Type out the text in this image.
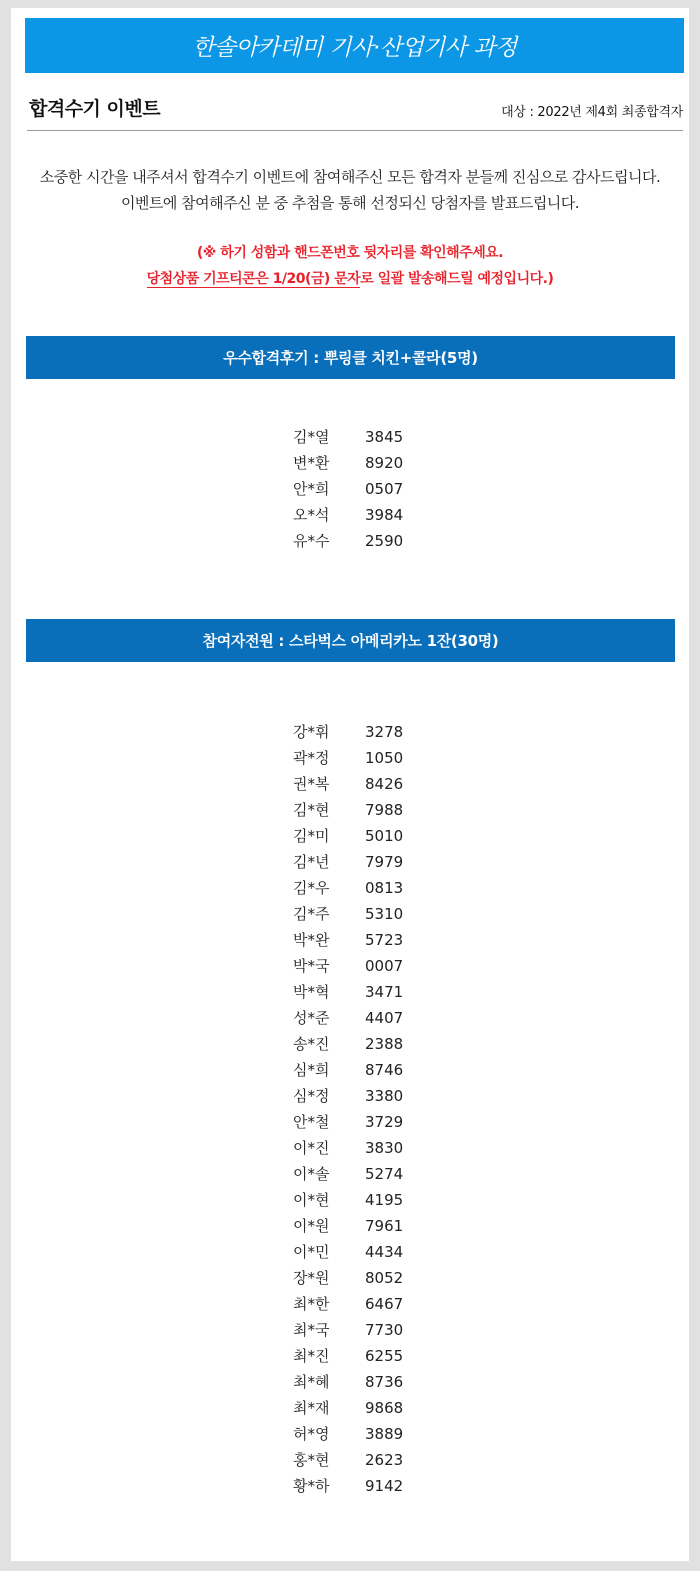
한솔아카데미 기사·산업기사 과정
합격수기 이벤트	대상 : 2022년 제4회 최종합격자
소중한 시간을 내주셔서 합격수기 이벤트에 참여해주신 모든 합격자 분들께 진심으로 감사드립니다.
이벤트에 참여해주신 분 중 추첨을 통해 선정되신 당첨자를 발표드립니다.
(※ 하기 성함과 핸드폰번호 뒷자리를 확인해주세요.
당첨상품 기프티콘은 1/20(금) 문자로 일괄 발송해드릴 예정입니다.)
우수합격후기 : 뿌링클 치킨+콜라(5명)
김*열	3845
변*환	8920
안*희	0507
오*석	3984
유*수	2590
참여자전원 : 스타벅스 아메리카노 1잔(30명)
강*휘	3278
곽*정	1050
권*복	8426
김*현	7988
김*미	5010
김*년	7979
김*우	0813
김*주	5310
박*완	5723
박*국	0007
박*혁	3471
성*준	4407
송*진	2388
심*희	8746
심*정	3380
안*철	3729
이*진	3830
이*솔	5274
이*현	4195
이*원	7961
이*민	4434
장*원	8052
최*한	6467
최*국	7730
최*진	6255
최*혜	8736
최*재	9868
허*영	3889
홍*현	2623
황*하	9142
